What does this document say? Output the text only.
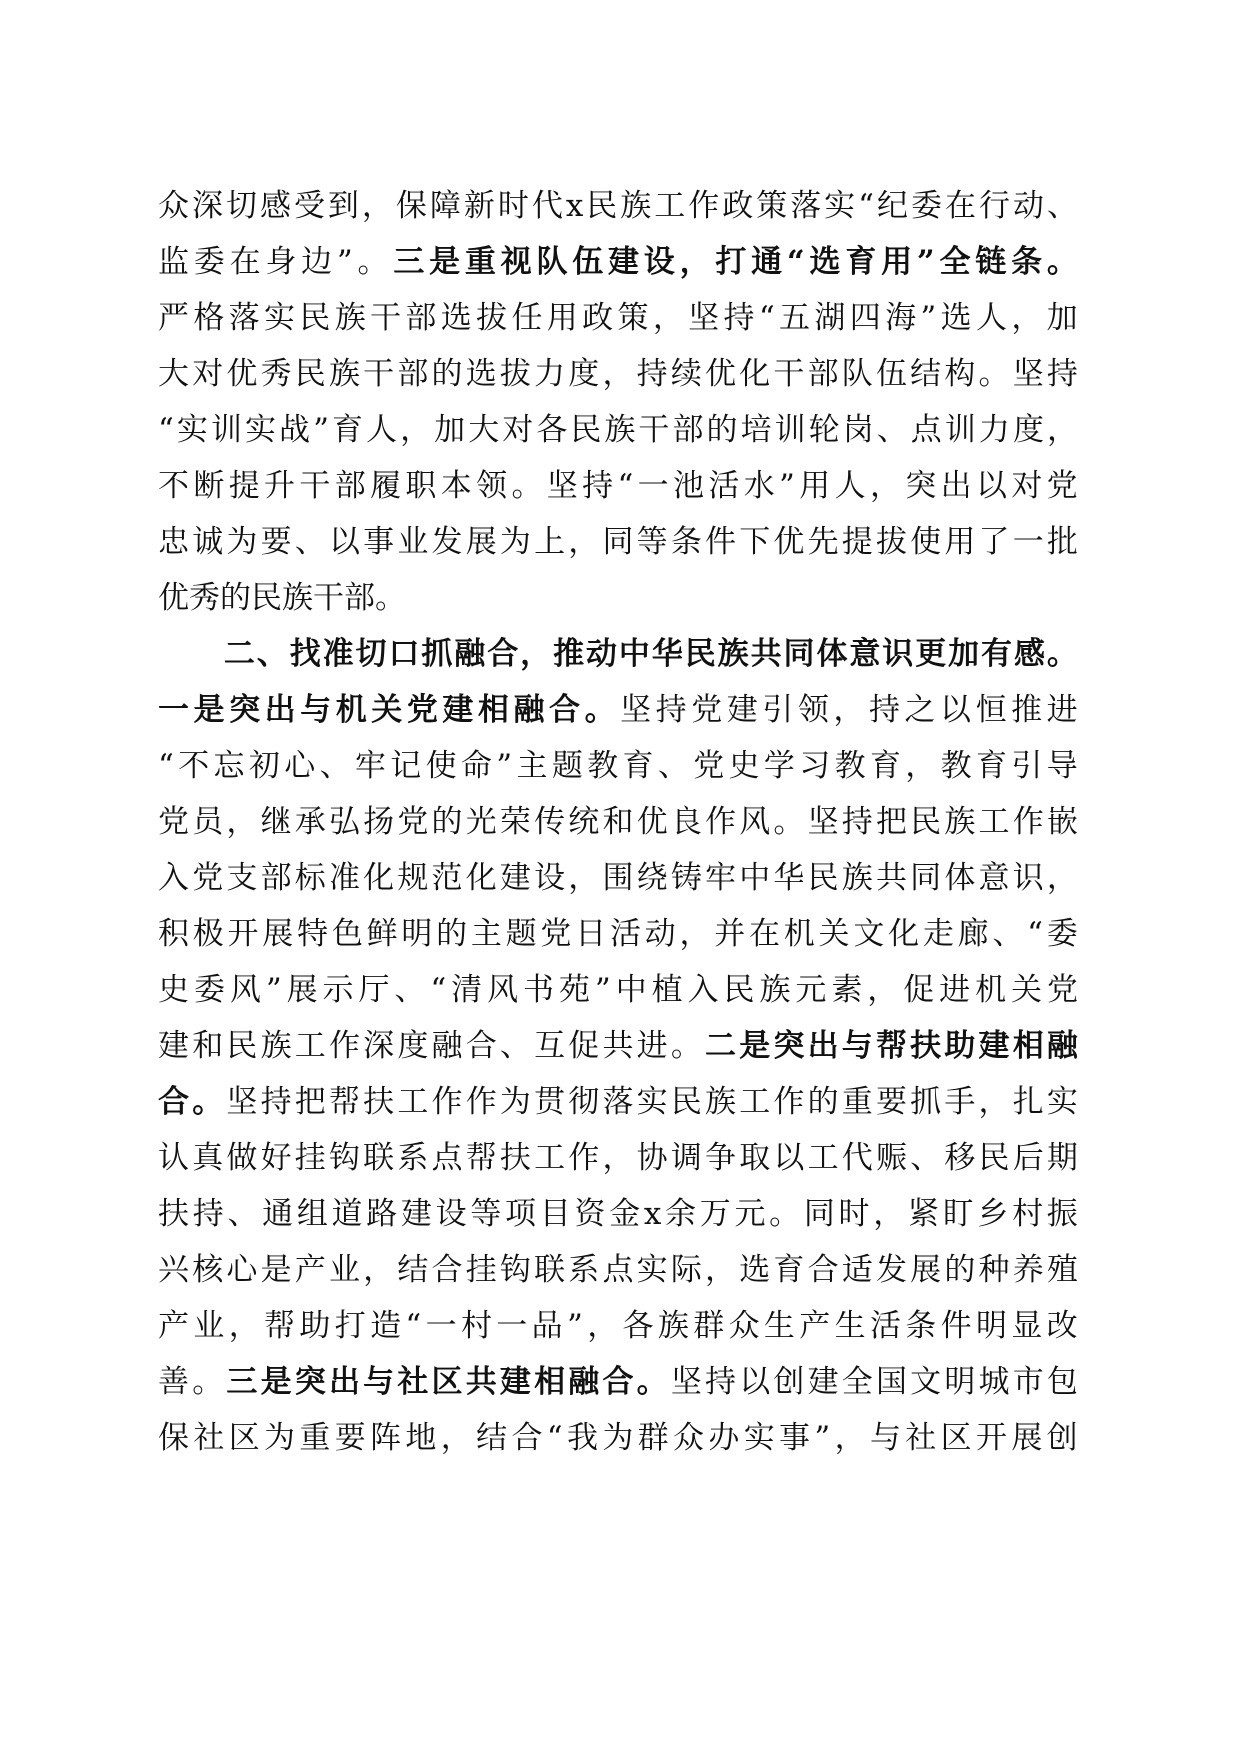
众 深 切 感 受 到 ， 保 障 新 时 代 x 民 族 工 作 政 策 落 实 “ 纪 委 在 行 动 、
监 委 在 身 边 ” 。 三 是 重 视 队 伍 建 设 ， 打 通 “ 选 育 用 ” 全 链 条 。
严 格 落 实 民 族 干 部 选 拔 任 用 政 策 ， 坚 持 “ 五 湖 四 海 ” 选 人 ， 加
大 对 优 秀 民 族 干 部 的 选 拔 力 度 ， 持 续 优 化 干 部 队 伍 结 构 。 坚 持
“ 实 训 实 战 ” 育 人 ， 加 大 对 各 民 族 干 部 的 培 训 轮 岗 、 点 训 力 度 ，
不 断 提 升 干 部 履 职 本 领 。 坚 持 “ 一 池 活 水 ” 用 人 ， 突 出 以 对 党
忠 诚 为 要 、 以 事 业 发 展 为 上 ， 同 等 条 件 下 优 先 提 拔 使 用 了 一 批
优 秀 的 民 族 干 部 。

二 、 找 准 切 口 抓 融 合 ， 推 动 中 华 民 族 共 同 体 意 识 更 加 有 感 。
一 是 突 出 与 机 关 党 建 相 融 合 。 坚 持 党 建 引 领 ， 持 之 以 恒 推 进
“ 不 忘 初 心 、 牢 记 使 命 ” 主 题 教 育 、 党 史 学 习 教 育 ， 教 育 引 导
党 员 ， 继 承 弘 扬 党 的 光 荣 传 统 和 优 良 作 风 。 坚 持 把 民 族 工 作 嵌
入 党 支 部 标 准 化 规 范 化 建 设 ， 围 绕 铸 牢 中 华 民 族 共 同 体 意 识 ，
积 极 开 展 特 色 鲜 明 的 主 题 党 日 活 动 ， 并 在 机 关 文 化 走 廊 、 “ 委
史 委 风 ” 展 示 厅 、 “ 清 风 书 苑 ” 中 植 入 民 族 元 素 ， 促 进 机 关 党
建 和 民 族 工 作 深 度 融 合 、 互 促 共 进 。 二 是 突 出 与 帮 扶 助 建 相 融
合 。 坚 持 把 帮 扶 工 作 作 为 贯 彻 落 实 民 族 工 作 的 重 要 抓 手 ， 扎 实
认 真 做 好 挂 钩 联 系 点 帮 扶 工 作 ， 协 调 争 取 以 工 代 赈 、 移 民 后 期
扶 持 、 通 组 道 路 建 设 等 项 目 资 金 x 余 万 元 。 同 时 ， 紧 盯 乡 村 振
兴 核 心 是 产 业 ， 结 合 挂 钩 联 系 点 实 际 ， 选 育 合 适 发 展 的 种 养 殖
产 业 ， 帮 助 打 造 “ 一 村 一 品 ” ， 各 族 群 众 生 产 生 活 条 件 明 显 改
善 。 三 是 突 出 与 社 区 共 建 相 融 合 。 坚 持 以 创 建 全 国 文 明 城 市 包
保 社 区 为 重 要 阵 地 ， 结 合 “ 我 为 群 众 办 实 事 ” ， 与 社 区 开 展 创
